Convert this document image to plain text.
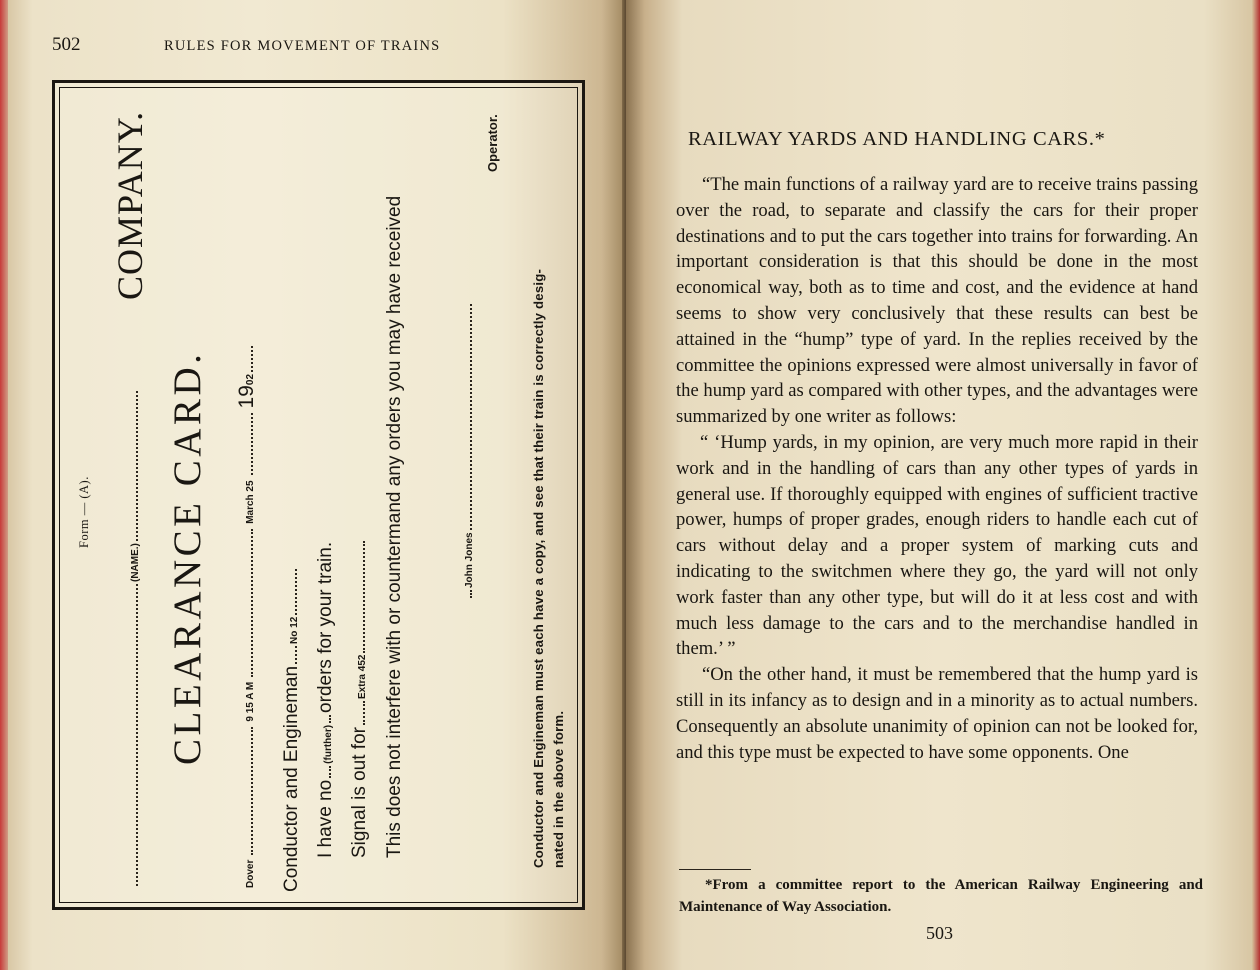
502	RULES FOR MOVEMENT OF TRAINS
Form — (A).
(NAME.)
COMPANY.
CLEARANCE CARD.
Dover  9 15 A M  March 25  1902
Conductor and EnginemanNo 12
I have no(further)orders for your train.
Signal is out forExtra 452 This does not interfere with or countermand any orders you may have received	John Jones
Operator.
Conductor and Engineman must each have a copy, and see that their train is correctly desig- nated in the above form.
RAILWAY YARDS AND HANDLING CARS.*

“The main functions of a railway yard are to receive trains passing over the road, to separate and classify the cars for their proper destinations and to put the cars together into trains for forwarding. An important consideration is that this should be done in the most economical way, both as to time and cost, and the evidence at hand seems to show very conclusively that these results can best be attained in the “hump” type of yard. In the replies received by the committee the opinions expressed were almost universally in favor of the hump yard as compared with other types, and the advantages were summarized by one writer as follows:

“ ‘Hump yards, in my opinion, are very much more rapid in their work and in the handling of cars than any other types of yards in general use. If thoroughly equipped with engines of sufficient tractive power, humps of proper grades, enough riders to handle each cut of cars without delay and a proper system of marking cuts and indicating to the switchmen where they go, the yard will not only work faster than any other type, but will do it at less cost and with much less damage to the cars and to the merchandise handled in them.’ ”

“On the other hand, it must be remembered that the hump yard is still in its infancy as to design and in a minority as to actual numbers. Consequently an absolute unanimity of opinion can not be looked for, and this type must be expected to have some opponents. One

*From a committee report to the American Railway Engineering and Maintenance of Way Association.
503
